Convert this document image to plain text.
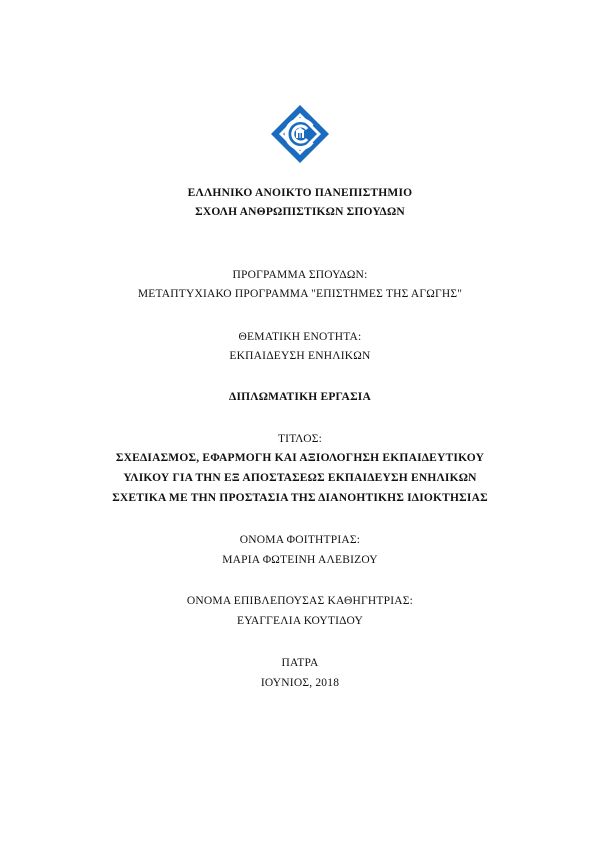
ΕΛΛΗΝΙΚΟ ΑΝΟΙΚΤΟ ΠΑΝΕΠΙΣΤΗΜΙΟ
ΣΧΟΛΗ ΑΝΘΡΩΠΙΣΤΙΚΩΝ ΣΠΟΥΔΩΝ
ΠΡΟΓΡΑΜΜΑ ΣΠΟΥΔΩΝ:
ΜΕΤΑΠΤΥΧΙΑΚΟ ΠΡΟΓΡΑΜΜΑ "ΕΠΙΣΤΗΜΕΣ ΤΗΣ ΑΓΩΓΗΣ"
ΘΕΜΑΤΙΚΗ ΕΝΟΤΗΤΑ:
ΕΚΠΑΙΔΕΥΣΗ ΕΝΗΛΙΚΩΝ
ΔΙΠΛΩΜΑΤΙΚΗ ΕΡΓΑΣΙΑ
ΤΙΤΛΟΣ:
ΣΧΕΔΙΑΣΜΟΣ, ΕΦΑΡΜΟΓΗ ΚΑΙ ΑΞΙΟΛΟΓΗΣΗ ΕΚΠΑΙΔΕΥΤΙΚΟΥ
ΥΛΙΚΟΥ ΓΙΑ ΤΗΝ ΕΞ ΑΠΟΣΤΑΣΕΩΣ ΕΚΠΑΙΔΕΥΣΗ ΕΝΗΛΙΚΩΝ
ΣΧΕΤΙΚΑ ΜΕ ΤΗΝ ΠΡΟΣΤΑΣΙΑ ΤΗΣ ΔΙΑΝΟΗΤΙΚΗΣ ΙΔΙΟΚΤΗΣΙΑΣ
ΟΝΟΜΑ ΦΟΙΤΗΤΡΙΑΣ:
ΜΑΡΙΑ ΦΩΤΕΙΝΗ ΑΛΕΒΙΖΟΥ
ΟΝΟΜΑ ΕΠΙΒΛΕΠΟΥΣΑΣ ΚΑΘΗΓΗΤΡΙΑΣ:
ΕΥΑΓΓΕΛΙΑ ΚΟΥΤΙΔΟΥ
ΠΑΤΡΑ
ΙΟΥΝΙΟΣ, 2018
